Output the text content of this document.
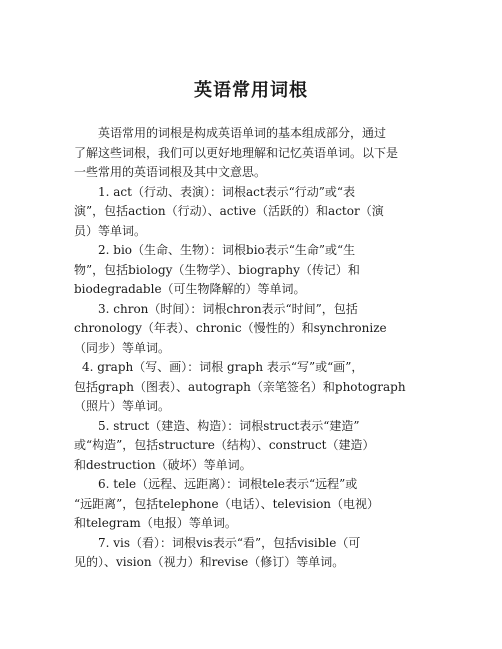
英语常用词根

英语常用的词根是构成英语单词的基本组成部分，通过
了解这些词根，我们可以更好地理解和记忆英语单词。以下是
一些常用的英语词根及其中文意思。

1. act（行动、表演）：词根act表示“行动”或“表
演”，包括action（行动）、active（活跃的）和actor（演
员）等单词。

2. bio（生命、生物）：词根bio表示“生命”或“生
物”，包括biology（生物学）、biography（传记）和
biodegradable（可生物降解的）等单词。

3. chron（时间）：词根chron表示“时间”，包括
chronology（年表）、chronic（慢性的）和synchronize
（同步）等单词。

4. graph（写、画）：词根 graph 表示“写”或“画”，
包括graph（图表）、autograph（亲笔签名）和photograph
（照片）等单词。

5. struct（建造、构造）：词根struct表示“建造”
或“构造”，包括structure（结构）、construct（建造）
和destruction（破坏）等单词。

6. tele（远程、远距离）：词根tele表示“远程”或
“远距离”，包括telephone（电话）、television（电视）
和telegram（电报）等单词。

7. vis（看）：词根vis表示“看”，包括visible（可
见的）、vision（视力）和revise（修订）等单词。
